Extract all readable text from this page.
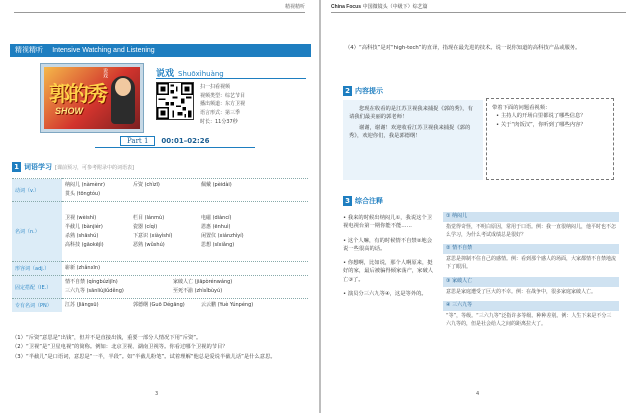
精视精听
精视精听 Intensive Watching and Listening
说戏
郭的秀
SHOW
说戏 Shuōxìhuàng
扫一扫看视频
视频类型：综艺节目
播出频道：东方卫视
语言形式：第三季
时长：11分37秒
Part 1 00:01–02:26
1 词语学习 [课前预习，可参考附录中的词语表]
动词（v.）	纳闷儿 (nàmènr) 斥资 (chìzī) 佩戴 (pèidài)
贯头 (tōngtóu)
名词（n.）	卫视 (wèishì) 栏目 (lánmù) 电磁 (diàncí)
半截儿 (bànjiér) 瓷器 (cíqì) 恩惠 (ēnhuì)
杀熟 (shāshú) 下意识 (xiàyìshí) 闲置仪 (xiánzhìyí)
高科技 (gāokējì) 恶熟 (wǔshú) 思想 (sīxiǎng)
形容词（adj.）	崭新 (zhǎnxīn)
固定搭配（IE.）	情不自禁 (qíngbúzìjīn) 家破人亡 (jiāpòrénwáng)
三六九等 (sānliùjiǔděng) 至死不渝 (zhìsǐbùyú)
专有名词（PN）	江苏 (Jiāngsū) 郭德纲 (Guō Dégāng) 云云鹏 (Yuè Yúnpéng)

（1）“斥资”意思是“出钱”，但并不是直接出钱，重要一部分人情况下用“斥资”。

（2）“卫视”是“卫星电视”的简称。例如：北京卫视、湖南卫视等。你看过哪个卫视的节目？

（3）“半截儿”是口语词，意思是“一半，半段”。如“半截儿粉笔”。试着理解“他总是爱说半截儿话”是什么意思。

3
China Focus 中国微镜头（中级下）综艺篇
（4）“高科技”是对“high-tech”的直译，指现在最先进的技术。说一说你知道的高科技产品或服务。
2 内容提示

您现在收看的是江苏卫视我来捕捉《郭的秀》，有请我们最美丽的郭老师！

谢谢，谢谢！欢迎收看江苏卫视我来捕捉《郭的秀》，欢迎你们，我是郭德纲！

带着下面的问题看视频：
• 主持人的开场白里都说了哪些信息？
• 关于“肉饭汉”，你听到了哪些内容？
3 综合注释

• 我来的时候出纳闷儿①，我说这个卫视电视台第一期你能不能……

• 这个人嘛，有的时候情不自禁②地会说一些很高的话。

• 你想啊，比如说，那个人啊原来，挺好的家，最后被骗得倾家荡产，家破人亡③了。

• 演员分三六九等④，这是等外的。

① 纳闷儿
指觉得奇怪，不明白原因，常用于口语。例：我一直很纳闷儿，他平时也不怎么学习，为什么考试成绩总是很好？
② 情不自禁
意思是抑制不住自己的感情。例：看到那个感人的场面，大家都情不自禁地流下了眼泪。
③ 家破人亡
意思是家庭遭受了巨大的不幸。例：在战争中，很多家庭家破人亡。
④ 三六九等
“等”，等级。“三六九等”泛指许多等级、种种差别。例：人生下来是不分三六九等的，但是社会给人之间的距离拉大了。
4
